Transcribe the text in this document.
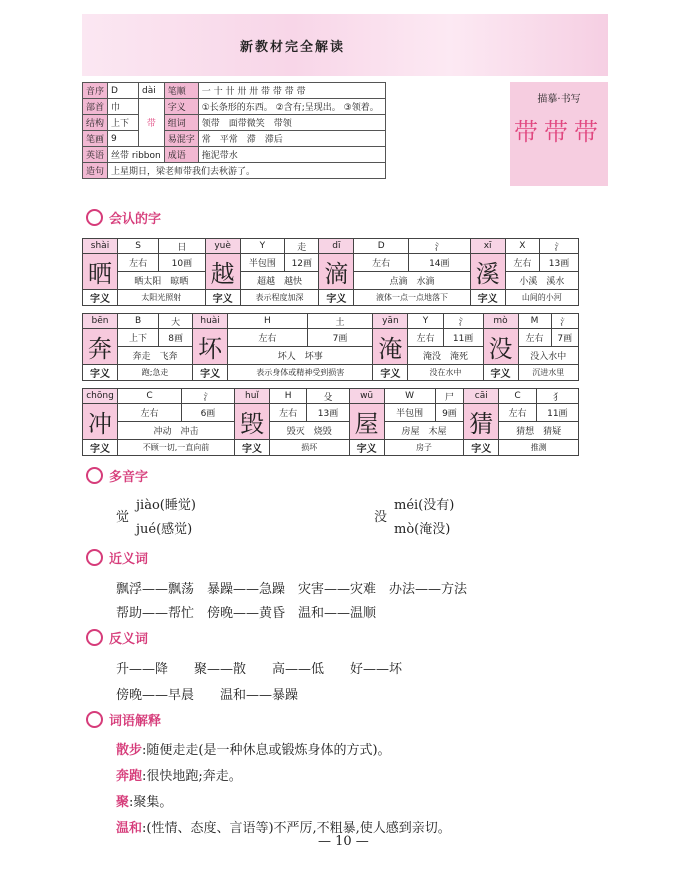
新教材完全解读
音序	D	dài	笔顺	一 十 卄 卅 卅 带 带 带 带
部首	巾	带	字义	①长条形的东西。 ②含有;呈现出。 ③领着。
结构	上下		组词	领带　面带微笑　带领
笔画	9		易混字	常　平常　滞　滞后
英语	丝带 ribbon		成语	拖泥带水
造句	上星期日，梁老师带我们去秋游了。			
描摹·书写
带带带
会认的字
shài	S	日	yuè	Y	走	dī	D	氵	xī	X	氵
晒	左右	10画	越	半包围	12画	滴	左右	14画	溪	左右	13画
	晒太阳　晾晒			超越　越快			点滴　水滴			小溪　溪水	
字义	太阳光照射		字义	表示程度加深		字义	液体一点一点地落下		字义	山间的小河	
bēn	B	大	huài	H	土	yān	Y	氵	mò	M	氵
奔	上下	8画	坏	左右	7画	淹	左右	11画	没	左右	7画
	奔走　飞奔			坏人　坏事			淹没　淹死			没入水中	
字义	跑;急走		字义	表示身体或精神受到损害		字义	没在水中		字义	沉进水里	
chōng	C	氵	huǐ	H	殳	wū	W	尸	cāi	C	犭
冲	左右	6画	毁	左右	13画	屋	半包围	9画	猜	左右	11画
	冲动　冲击			毁灭　烧毁			房屋　木屋			猜想　猜疑	
字义	不顾一切,一直向前		字义	损坏		字义	房子		字义	推测	
多音字
觉
jiào(睡觉)
jué(感觉)
没
méi(没有)
mò(淹没)
近义词
飘浮——飘荡　暴躁——急躁　灾害——灾难　办法——方法
帮助——帮忙　傍晚——黄昏　温和——温顺
反义词
升——降　　聚——散　　高——低　　好——坏
傍晚——早晨　　温和——暴躁
词语解释
散步:随便走走(是一种休息或锻炼身体的方式)。
奔跑:很快地跑;奔走。
聚:聚集。
温和:(性情、态度、言语等)不严厉,不粗暴,使人感到亲切。
— 10 —
